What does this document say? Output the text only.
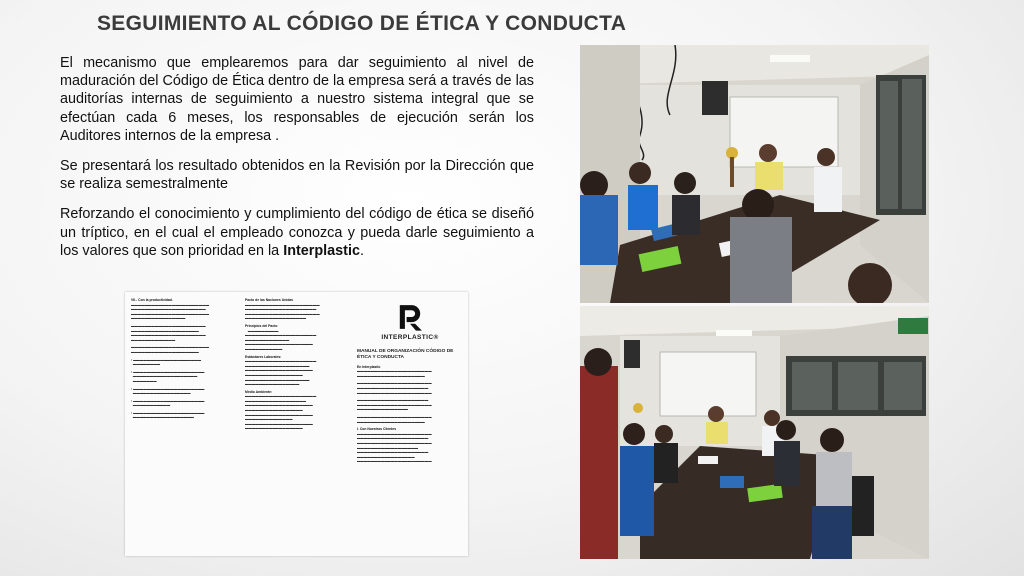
SEGUIMIENTO AL CÓDIGO DE ÉTICA Y CONDUCTA

El mecanismo que emplearemos para dar seguimiento al nivel de maduración del Código de Ética dentro de la empresa será a través de las auditorías internas de seguimiento a nuestro sistema integral que se efectúan cada 6 meses, los responsables de ejecución serán los Auditores internos de la empresa .

Se presentará los resultado obtenidos en la Revisión por la Dirección que se realiza semestralmente

Reforzando el conocimiento y cumplimiento del código de ética se diseñó un tríptico, en el cual el empleado conozca y pueda darle seguimiento a los valores que son prioridad en la Interplastic.

VII.- Con la productividad.
▬▬▬▬▬▬▬▬▬▬▬▬▬▬▬▬▬▬▬▬▬▬▬
▬▬▬▬▬▬▬▬▬▬▬▬▬▬▬▬▬▬▬▬▬▬
▬▬▬▬▬▬▬▬▬▬▬▬▬▬▬▬▬▬▬▬▬▬▬
▬▬▬▬▬▬▬▬▬▬▬▬▬▬▬▬
▬▬▬▬▬▬▬▬▬▬▬▬▬▬▬▬▬▬▬▬▬▬
▬▬▬▬▬▬▬▬▬▬▬▬▬▬▬▬▬▬▬▬
▬▬▬▬▬▬▬▬▬▬▬▬▬▬▬▬▬▬▬▬▬▬
▬▬▬▬▬▬▬▬▬▬▬▬▬
▬▬▬▬▬▬▬▬▬▬▬▬▬▬▬▬▬▬▬▬▬▬▬
▬▬▬▬▬▬▬▬▬▬▬▬▬▬▬▬▬▬▬▬
▪ ▬▬▬▬▬▬▬▬▬▬▬▬▬▬▬▬▬▬▬▬
▬▬▬▬▬▬▬▬
▪ ▬▬▬▬▬▬▬▬▬▬▬▬▬▬▬▬▬▬▬▬▬
▬▬▬▬▬▬▬▬▬▬▬▬▬▬▬▬▬▬▬
▬▬▬▬▬▬▬
▪ ▬▬▬▬▬▬▬▬▬▬▬▬▬▬▬▬▬▬▬▬▬
▬▬▬▬▬▬▬▬▬▬▬▬▬▬▬▬▬
▪ ▬▬▬▬▬▬▬▬▬▬▬▬▬▬▬▬▬▬▬▬▬
▬▬▬▬▬▬▬▬▬▬▬
▪ ▬▬▬▬▬▬▬▬▬▬▬▬▬▬▬▬▬▬▬▬▬
▬▬▬▬▬▬▬▬▬▬▬▬▬▬▬▬▬▬
Pacto de las Naciones Unidas
▬▬▬▬▬▬▬▬▬▬▬▬▬▬▬▬▬▬▬▬▬▬
▬▬▬▬▬▬▬▬▬▬▬▬▬▬▬▬▬▬▬▬▬
▬▬▬▬▬▬▬▬▬▬▬▬▬▬▬▬▬▬▬▬▬▬
▬▬▬▬▬▬▬▬▬▬▬▬▬▬▬▬▬▬
Principios del Pacto
▬▬▬▬▬▬▬▬▬
▬▬▬▬▬▬▬▬▬▬▬▬▬▬▬▬▬▬▬▬▬
▬▬▬▬▬▬▬▬▬▬▬▬▬
▬▬▬▬▬▬▬▬▬▬▬▬▬▬▬▬▬▬▬▬
▬▬▬▬▬▬▬▬▬▬▬
Estándares Laborales:
▬▬▬▬▬▬▬▬▬▬▬▬▬▬▬▬▬▬▬▬▬
▬▬▬▬▬▬▬▬▬▬▬▬▬▬▬▬▬▬▬
▬▬▬▬▬▬▬▬▬▬▬▬▬▬▬▬▬▬▬▬
▬▬▬▬▬▬▬▬▬▬▬▬▬▬▬▬▬
▬▬▬▬▬▬▬▬▬▬▬▬▬▬▬▬▬▬▬
▬▬▬▬▬▬▬▬▬▬▬▬▬▬▬▬
Medio Ambiente:
▬▬▬▬▬▬▬▬▬▬▬▬▬▬▬▬▬▬▬▬▬
▬▬▬▬▬▬▬▬▬▬▬▬▬▬▬▬▬▬
▬▬▬▬▬▬▬▬▬▬▬▬▬▬▬▬▬▬▬▬
▬▬▬▬▬▬▬▬▬▬▬▬▬▬▬▬▬
▬▬▬▬▬▬▬▬▬▬▬▬▬▬▬▬▬▬▬▬
▬▬▬▬▬▬▬▬▬▬▬▬▬▬
▬▬▬▬▬▬▬▬▬▬▬▬▬▬▬▬▬▬▬▬
▬▬▬▬▬▬▬▬▬▬▬▬▬▬▬▬▬
INTERPLASTIC®
MANUAL DE ORGANIZACIÓN CÓDIGO DE ÉTICA Y CONDUCTA
En Interplastic
▬▬▬▬▬▬▬▬▬▬▬▬▬▬▬▬▬▬▬▬▬▬
▬▬▬▬▬▬▬▬▬▬▬▬▬▬▬▬▬▬▬▬
▬▬▬▬▬▬▬▬▬▬▬▬▬▬▬▬▬▬▬▬▬▬
▬▬▬▬▬▬▬▬▬▬▬▬▬▬▬▬▬▬▬▬▬
▬▬▬▬▬▬▬▬▬▬▬▬▬▬▬▬▬▬▬▬▬▬
▬▬▬▬▬▬▬▬▬▬▬▬▬▬▬▬▬▬▬▬▬
▬▬▬▬▬▬▬▬▬▬▬▬▬▬▬▬▬▬▬▬▬▬
▬▬▬▬▬▬▬▬▬▬▬▬▬▬▬
▬▬▬▬▬▬▬▬▬▬▬▬▬▬▬▬▬▬▬▬▬▬
▬▬▬▬▬▬▬▬▬▬▬▬▬▬▬▬▬▬▬▬
I. Con Nuestros Clientes
▬▬▬▬▬▬▬▬▬▬▬▬▬▬▬▬▬▬▬▬▬▬
▬▬▬▬▬▬▬▬▬▬▬▬▬▬▬▬▬▬▬▬▬
▬▬▬▬▬▬▬▬▬▬▬▬▬▬▬▬▬▬▬▬▬▬
▬▬▬▬▬▬▬▬▬▬▬▬▬▬▬▬▬▬
▬▬▬▬▬▬▬▬▬▬▬▬▬▬▬▬▬▬▬▬▬
▬▬▬▬▬▬▬▬▬▬▬▬▬▬▬▬▬
▬▬▬▬▬▬▬▬▬▬▬▬▬▬▬▬▬▬▬▬▬▬
